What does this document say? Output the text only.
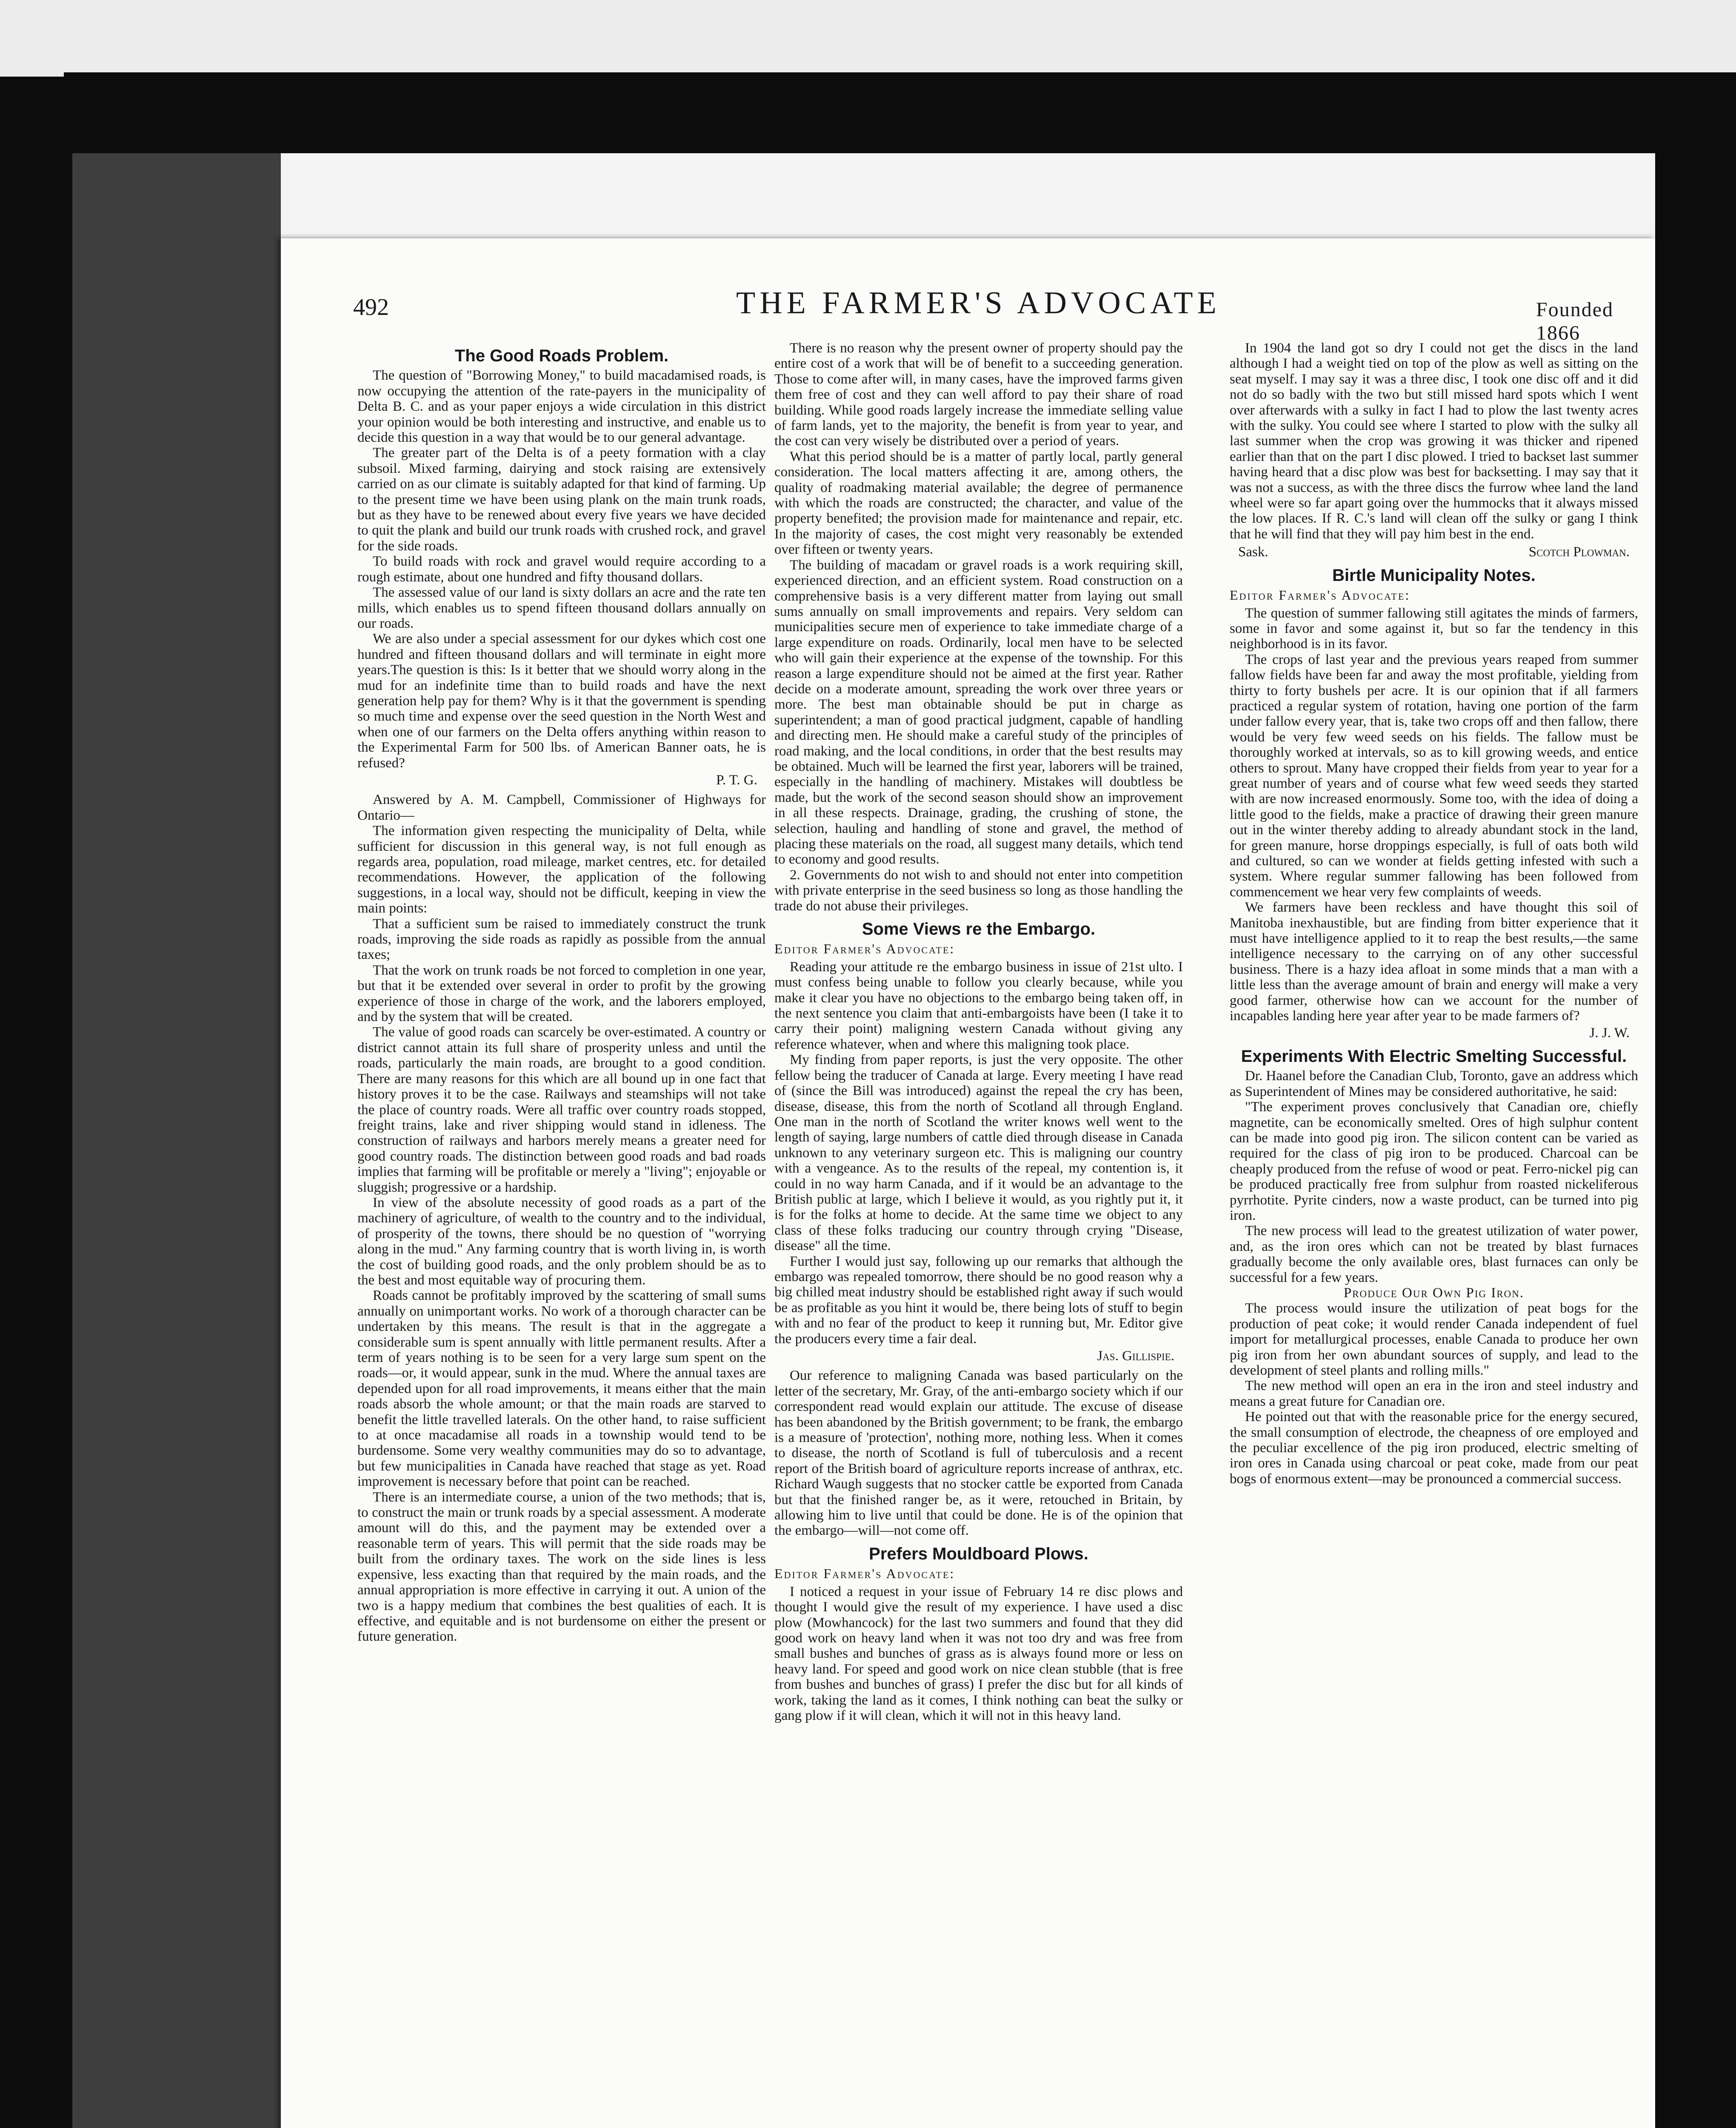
492	THE FARMER'S ADVOCATE	Founded 1866
The Good Roads Problem.

The question of "Borrowing Money," to build macadamised roads, is now occupying the attention of the rate-payers in the municipality of Delta B. C. and as your paper enjoys a wide circulation in this district your opinion would be both interesting and instructive, and enable us to decide this question in a way that would be to our general advantage.

The greater part of the Delta is of a peety formation with a clay subsoil. Mixed farming, dairying and stock raising are extensively carried on as our climate is suitably adapted for that kind of farming. Up to the present time we have been using plank on the main trunk roads, but as they have to be renewed about every five years we have decided to quit the plank and build our trunk roads with crushed rock, and gravel for the side roads.

To build roads with rock and gravel would require according to a rough estimate, about one hundred and fifty thousand dollars.

The assessed value of our land is sixty dollars an acre and the rate ten mills, which enables us to spend fifteen thousand dollars annually on our roads.

We are also under a special assessment for our dykes which cost one hundred and fifteen thousand dollars and will terminate in eight more years.The question is this: Is it better that we should worry along in the mud for an indefinite time than to build roads and have the next generation help pay for them? Why is it that the government is spending so much time and expense over the seed question in the North West and when one of our farmers on the Delta offers anything within reason to the Experimental Farm for 500 lbs. of American Banner oats, he is refused?

P. T. G.

Answered by A. M. Campbell, Commissioner of Highways for Ontario—

The information given respecting the municipality of Delta, while sufficient for discussion in this general way, is not full enough as regards area, population, road mileage, market centres, etc. for detailed recommendations. However, the application of the following suggestions, in a local way, should not be difficult, keeping in view the main points:

That a sufficient sum be raised to immediately construct the trunk roads, improving the side roads as rapidly as possible from the annual taxes;

That the work on trunk roads be not forced to completion in one year, but that it be extended over several in order to profit by the growing experience of those in charge of the work, and the laborers employed, and by the system that will be created.

The value of good roads can scarcely be over-estimated. A country or district cannot attain its full share of prosperity unless and until the roads, particularly the main roads, are brought to a good condition. There are many reasons for this which are all bound up in one fact that history proves it to be the case. Railways and steamships will not take the place of country roads. Were all traffic over country roads stopped, freight trains, lake and river shipping would stand in idleness. The construction of railways and harbors merely means a greater need for good country roads. The distinction between good roads and bad roads implies that farming will be profitable or merely a "living"; enjoyable or sluggish; progressive or a hardship.

In view of the absolute necessity of good roads as a part of the machinery of agriculture, of wealth to the country and to the individual, of prosperity of the towns, there should be no question of "worrying along in the mud." Any farming country that is worth living in, is worth the cost of building good roads, and the only problem should be as to the best and most equitable way of procuring them.

Roads cannot be profitably improved by the scattering of small sums annually on unimportant works. No work of a thorough character can be undertaken by this means. The result is that in the aggregate a considerable sum is spent annually with little permanent results. After a term of years nothing is to be seen for a very large sum spent on the roads—or, it would appear, sunk in the mud. Where the annual taxes are depended upon for all road improvements, it means either that the main roads absorb the whole amount; or that the main roads are starved to benefit the little travelled laterals. On the other hand, to raise sufficient to at once macadamise all roads in a township would tend to be burdensome. Some very wealthy communities may do so to advantage, but few municipalities in Canada have reached that stage as yet. Road improvement is necessary before that point can be reached.

There is an intermediate course, a union of the two methods; that is, to construct the main or trunk roads by a special assessment. A moderate amount will do this, and the payment may be extended over a reasonable term of years. This will permit that the side roads may be built from the ordinary taxes. The work on the side lines is less expensive, less exacting than that required by the main roads, and the annual appropriation is more effective in carrying it out. A union of the two is a happy medium that combines the best qualities of each. It is effective, and equitable and is not burdensome on either the present or future generation.

There is no reason why the present owner of property should pay the entire cost of a work that will be of benefit to a succeeding generation. Those to come after will, in many cases, have the improved farms given them free of cost and they can well afford to pay their share of road building. While good roads largely increase the immediate selling value of farm lands, yet to the majority, the benefit is from year to year, and the cost can very wisely be distributed over a period of years.

What this period should be is a matter of partly local, partly general consideration. The local matters affecting it are, among others, the quality of roadmaking material available; the degree of permanence with which the roads are constructed; the character, and value of the property benefited; the provision made for maintenance and repair, etc. In the majority of cases, the cost might very reasonably be extended over fifteen or twenty years.

The building of macadam or gravel roads is a work requiring skill, experienced direction, and an efficient system. Road construction on a comprehensive basis is a very different matter from laying out small sums annually on small improvements and repairs. Very seldom can municipalities secure men of experience to take immediate charge of a large expenditure on roads. Ordinarily, local men have to be selected who will gain their experience at the expense of the township. For this reason a large expenditure should not be aimed at the first year. Rather decide on a moderate amount, spreading the work over three years or more. The best man obtainable should be put in charge as superintendent; a man of good practical judgment, capable of handling and directing men. He should make a careful study of the principles of road making, and the local conditions, in order that the best results may be obtained. Much will be learned the first year, laborers will be trained, especially in the handling of machinery. Mistakes will doubtless be made, but the work of the second season should show an improvement in all these respects. Drainage, grading, the crushing of stone, the selection, hauling and handling of stone and gravel, the method of placing these materials on the road, all suggest many details, which tend to economy and good results.

2. Governments do not wish to and should not enter into competition with private enterprise in the seed business so long as those handling the trade do not abuse their privileges.

Some Views re the Embargo.

Editor Farmer's Advocate:

Reading your attitude re the embargo business in issue of 21st ulto. I must confess being unable to follow you clearly because, while you make it clear you have no objections to the embargo being taken off, in the next sentence you claim that anti-embargoists have been (I take it to carry their point) maligning western Canada without giving any reference whatever, when and where this maligning took place.

My finding from paper reports, is just the very opposite. The other fellow being the traducer of Canada at large. Every meeting I have read of (since the Bill was introduced) against the repeal the cry has been, disease, disease, this from the north of Scotland all through England. One man in the north of Scotland the writer knows well went to the length of saying, large numbers of cattle died through disease in Canada unknown to any veterinary surgeon etc. This is maligning our country with a vengeance. As to the results of the repeal, my contention is, it could in no way harm Canada, and if it would be an advantage to the British public at large, which I believe it would, as you rightly put it, it is for the folks at home to decide. At the same time we object to any class of these folks traducing our country through crying "Disease, disease" all the time.

Further I would just say, following up our remarks that although the embargo was repealed tomorrow, there should be no good reason why a big chilled meat industry should be established right away if such would be as profitable as you hint it would be, there being lots of stuff to begin with and no fear of the product to keep it running but, Mr. Editor give the producers every time a fair deal.

Jas. Gillispie.

Our reference to maligning Canada was based particularly on the letter of the secretary, Mr. Gray, of the anti-embargo society which if our correspondent read would explain our attitude. The excuse of disease has been abandoned by the British government; to be frank, the embargo is a measure of 'protection', nothing more, nothing less. When it comes to disease, the north of Scotland is full of tuberculosis and a recent report of the British board of agriculture reports increase of anthrax, etc. Richard Waugh suggests that no stocker cattle be exported from Canada but that the finished ranger be, as it were, retouched in Britain, by allowing him to live until that could be done. He is of the opinion that the embargo—will—not come off.

Prefers Mouldboard Plows.

Editor Farmer's Advocate:

I noticed a request in your issue of February 14 re disc plows and thought I would give the result of my experience. I have used a disc plow (Mowhancock) for the last two summers and found that they did good work on heavy land when it was not too dry and was free from small bushes and bunches of grass as is always found more or less on heavy land. For speed and good work on nice clean stubble (that is free from bushes and bunches of grass) I prefer the disc but for all kinds of work, taking the land as it comes, I think nothing can beat the sulky or gang plow if it will clean, which it will not in this heavy land.

In 1904 the land got so dry I could not get the discs in the land although I had a weight tied on top of the plow as well as sitting on the seat myself. I may say it was a three disc, I took one disc off and it did not do so badly with the two but still missed hard spots which I went over afterwards with a sulky in fact I had to plow the last twenty acres with the sulky. You could see where I started to plow with the sulky all last summer when the crop was growing it was thicker and ripened earlier than that on the part I disc plowed. I tried to backset last summer having heard that a disc plow was best for backsetting. I may say that it was not a success, as with the three discs the furrow whee land the land wheel were so far apart going over the hummocks that it always missed the low places. If R. C.'s land will clean off the sulky or gang I think that he will find that they will pay him best in the end.

Sask.	Scotch Plowman.
Birtle Municipality Notes.

Editor Farmer's Advocate:

The question of summer fallowing still agitates the minds of farmers, some in favor and some against it, but so far the tendency in this neighborhood is in its favor.

The crops of last year and the previous years reaped from summer fallow fields have been far and away the most profitable, yielding from thirty to forty bushels per acre. It is our opinion that if all farmers practiced a regular system of rotation, having one portion of the farm under fallow every year, that is, take two crops off and then fallow, there would be very few weed seeds on his fields. The fallow must be thoroughly worked at intervals, so as to kill growing weeds, and entice others to sprout. Many have cropped their fields from year to year for a great number of years and of course what few weed seeds they started with are now increased enormously. Some too, with the idea of doing a little good to the fields, make a practice of drawing their green manure out in the winter thereby adding to already abundant stock in the land, for green manure, horse droppings especially, is full of oats both wild and cultured, so can we wonder at fields getting infested with such a system. Where regular summer fallowing has been followed from commencement we hear very few complaints of weeds.

We farmers have been reckless and have thought this soil of Manitoba inexhaustible, but are finding from bitter experience that it must have intelligence applied to it to reap the best results,—the same intelligence necessary to the carrying on of any other successful business. There is a hazy idea afloat in some minds that a man with a little less than the average amount of brain and energy will make a very good farmer, otherwise how can we account for the number of incapables landing here year after year to be made farmers of?

J. J. W.

Experiments With Electric Smelting Successful.

Dr. Haanel before the Canadian Club, Toronto, gave an address which as Superintendent of Mines may be considered authoritative, he said:

"The experiment proves conclusively that Canadian ore, chiefly magnetite, can be economically smelted. Ores of high sulphur content can be made into good pig iron. The silicon content can be varied as required for the class of pig iron to be produced. Charcoal can be cheaply produced from the refuse of wood or peat. Ferro-nickel pig can be produced practically free from sulphur from roasted nickeliferous pyrrhotite. Pyrite cinders, now a waste product, can be turned into pig iron.

The new process will lead to the greatest utilization of water power, and, as the iron ores which can not be treated by blast furnaces gradually become the only available ores, blast furnaces can only be successful for a few years.

Produce Our Own Pig Iron.

The process would insure the utilization of peat bogs for the production of peat coke; it would render Canada independent of fuel import for metallurgical processes, enable Canada to produce her own pig iron from her own abundant sources of supply, and lead to the development of steel plants and rolling mills."

The new method will open an era in the iron and steel industry and means a great future for Canadian ore.

He pointed out that with the reasonable price for the energy secured, the small consumption of electrode, the cheapness of ore employed and the peculiar excellence of the pig iron produced, electric smelting of iron ores in Canada using charcoal or peat coke, made from our peat bogs of enormous extent—may be pronounced a commercial success.
